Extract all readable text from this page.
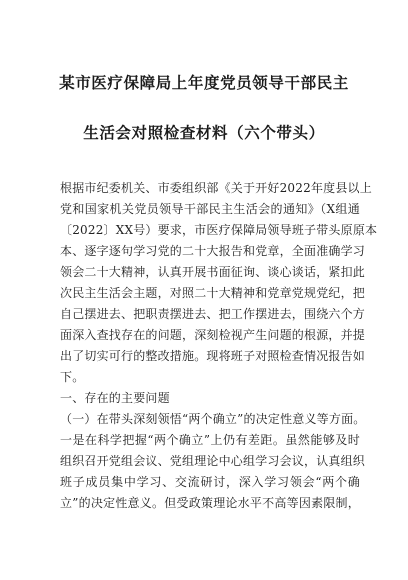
某市医疗保障局上年度党员领导干部民主
生活会对照检查材料（六个带头）
根据市纪委机关、市委组织部《关于开好2022年度县以上
党和国家机关党员领导干部民主生活会的通知》（X组通
〔2022〕XX号）要求，市医疗保障局领导班子带头原原本
本、逐字逐句学习党的二十大报告和党章，全面准确学习
领会二十大精神，认真开展书面征询、谈心谈话，紧扣此
次民主生活会主题，对照二十大精神和党章党规党纪，把
自己摆进去、把职责摆进去、把工作摆进去，围绕六个方
面深入查找存在的问题，深刻检视产生问题的根源，并提
出了切实可行的整改措施。现将班子对照检查情况报告如
下。
一、存在的主要问题
（一）在带头深刻领悟“两个确立”的决定性意义等方面。
一是在科学把握“两个确立”上仍有差距。虽然能够及时
组织召开党组会议、党组理论中心组学习会议，认真组织
班子成员集中学习、交流研讨，深入学习领会“两个确
立”的决定性意义。但受政策理论水平不高等因素限制，
